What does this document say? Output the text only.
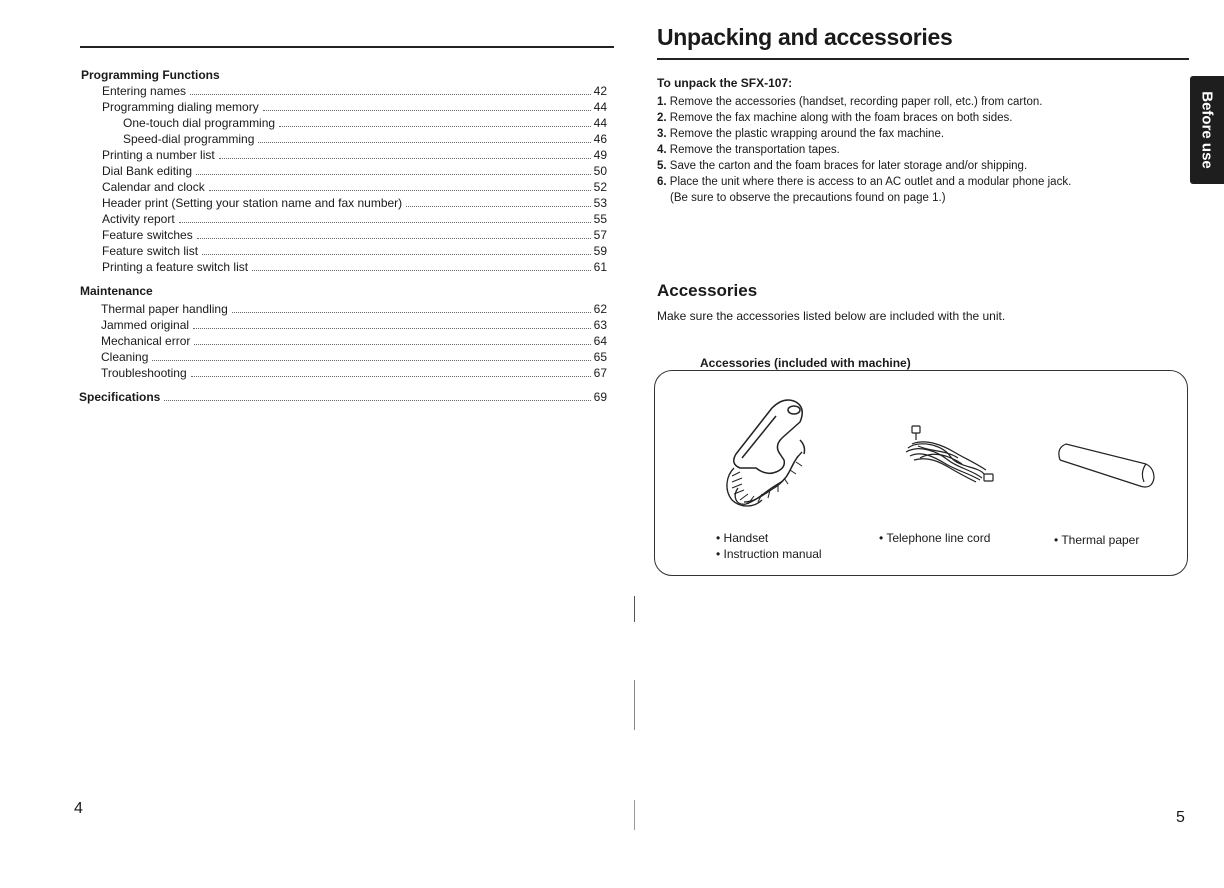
Programming Functions
Entering names	42
Programming dialing memory	44
One-touch dial programming	44
Speed-dial programming	46
Printing a number list	49
Dial Bank editing	50
Calendar and clock	52
Header print (Setting your station name and fax number)	53
Activity report	55
Feature switches	57
Feature switch list	59
Printing a feature switch list	61
Maintenance
Thermal paper handling	62
Jammed original	63
Mechanical error	64
Cleaning	65
Troubleshooting	67
Specifications	69
4
Unpacking and accessories
Before use
To unpack the SFX-107:
1. Remove the accessories (handset, recording paper roll, etc.) from carton.
2. Remove the fax machine along with the foam braces on both sides.
3. Remove the plastic wrapping around the fax machine.
4. Remove the transportation tapes.
5. Save the carton and the foam braces for later storage and/or shipping.
6. Place the unit where there is access to an AC outlet and a modular phone jack.
(Be sure to observe the precautions found on page 1.)
Accessories
Make sure the accessories listed below are included with the unit.
Accessories (included with machine)
• Handset
• Instruction manual
• Telephone line cord	• Thermal paper
5
